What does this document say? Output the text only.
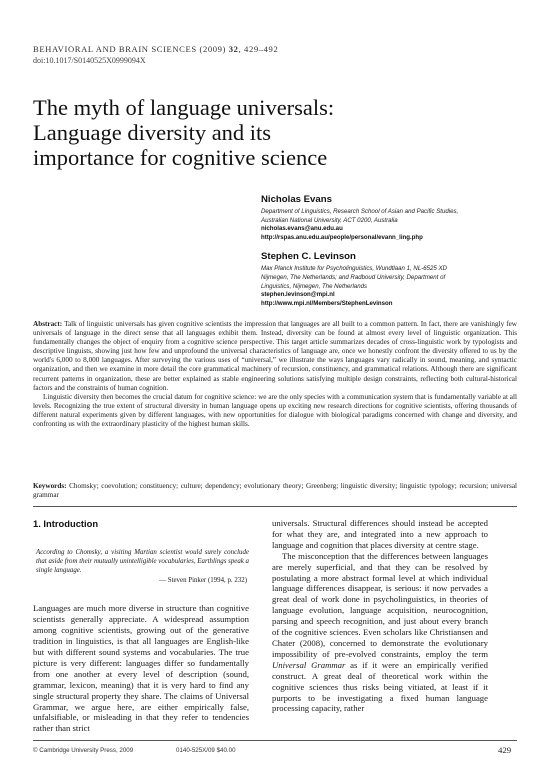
BEHAVIORAL AND BRAIN SCIENCES (2009) 32, 429–492
doi:10.1017/S0140525X0999094X
The myth of language universals:
Language diversity and its
importance for cognitive science
Nicholas Evans
Department of Linguistics, Research School of Asian and Pacific Studies,
Australian National University, ACT 0200, Australia
nicholas.evans@anu.edu.au
http://rspas.anu.edu.au/people/personal/evann_ling.php
Stephen C. Levinson
Max Planck Institute for Psycholinguistics, Wundtlaan 1, NL-6525 XD
Nijmegen, The Netherlands; and Radboud University, Department of
Linguistics, Nijmegen, The Netherlands
stephen.levinson@mpi.nl
http://www.mpi.nl/Members/StephenLevinson

Abstract: Talk of linguistic universals has given cognitive scientists the impression that languages are all built to a common pattern. In fact, there are vanishingly few universals of language in the direct sense that all languages exhibit them. Instead, diversity can be found at almost every level of linguistic organization. This fundamentally changes the object of enquiry from a cognitive science perspective. This target article summarizes decades of cross-linguistic work by typologists and descriptive linguists, showing just how few and unprofound the universal characteristics of language are, once we honestly confront the diversity offered to us by the world's 6,000 to 8,000 languages. After surveying the various uses of “universal,” we illustrate the ways languages vary radically in sound, meaning, and syntactic organization, and then we examine in more detail the core grammatical machinery of recursion, constituency, and grammatical relations. Although there are significant recurrent patterns in organization, these are better explained as stable engineering solutions satisfying multiple design constraints, reflecting both cultural-historical factors and the constraints of human cognition.

Linguistic diversity then becomes the crucial datum for cognitive science: we are the only species with a communication system that is fundamentally variable at all levels. Recognizing the true extent of structural diversity in human language opens up exciting new research directions for cognitive scientists, offering thousands of different natural experiments given by different languages, with new opportunities for dialogue with biological paradigms concerned with change and diversity, and confronting us with the extraordinary plasticity of the highest human skills.

Keywords: Chomsky; coevolution; constituency; culture; dependency; evolutionary theory; Greenberg; linguistic diversity; linguistic typology; recursion; universal grammar
1. Introduction
According to Chomsky, a visiting Martian scientist would surely conclude that aside from their mutually unintelligible vocabularies, Earthlings speak a single language.
— Steven Pinker (1994, p. 232)

Languages are much more diverse in structure than cognitive scientists generally appreciate. A widespread assumption among cognitive scientists, growing out of the generative tradition in linguistics, is that all languages are English-like but with different sound systems and vocabularies. The true picture is very different: languages differ so fundamentally from one another at every level of description (sound, grammar, lexicon, meaning) that it is very hard to find any single structural property they share. The claims of Universal Grammar, we argue here, are either empirically false, unfalsifiable, or misleading in that they refer to tendencies rather than strict

universals. Structural differences should instead be accepted for what they are, and integrated into a new approach to language and cognition that places diversity at centre stage.

The misconception that the differences between languages are merely superficial, and that they can be resolved by postulating a more abstract formal level at which individual language differences disappear, is serious: it now pervades a great deal of work done in psycholinguistics, in theories of language evolution, language acquisition, neurocognition, parsing and speech recognition, and just about every branch of the cognitive sciences. Even scholars like Christiansen and Chater (2008), concerned to demonstrate the evolutionary impossibility of pre-evolved constraints, employ the term Universal Grammar as if it were an empirically verified construct. A great deal of theoretical work within the cognitive sciences thus risks being vitiated, at least if it purports to be investigating a fixed human language processing capacity, rather

© Cambridge University Press, 2009	0140-525X/09 $40.00	429
